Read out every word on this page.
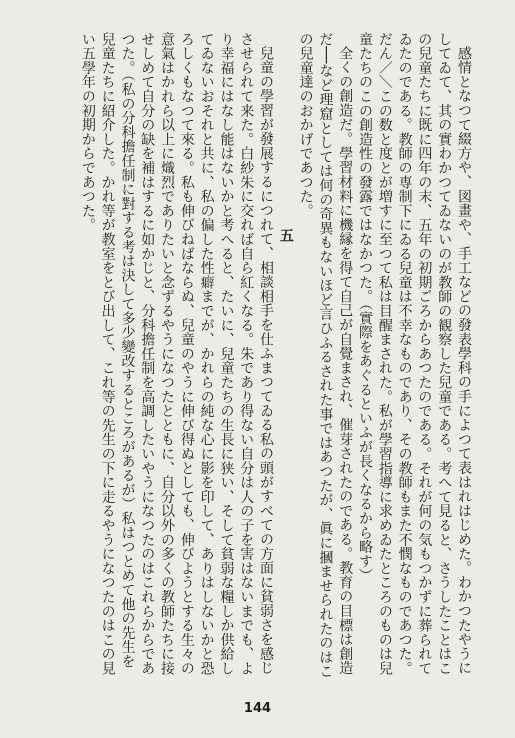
感情となつて綴方や、図畫や、手工などの發表學科の手によつて表はれはじめた。わかつたやうにしてゐて、其の實わかつてゐないのが教師の観察した兒童である。考へて見ると、さうしたことはこの兒童たちに既に四年の末、五年の初期ごろからあつたのである。それが何の気もつかずに葬られてゐたのである。教師の専制下にゐる兒童は不幸なものであり、その教師もまた不憫なものであつた。だん／＼この数と度とが増すに至つて私は目醒まされた。私が學習指導に求めゐたところのものは兒童たちのこの創造性の發露ではなかつた。（實際をあぐるといふが長くなるから略す）

全くの創造だ。學習材料に機縁を得て自己が自覺まされ、催芽されたのである。教育の目標は創造だ──など理窟としては何の奇異もないほど言ひふるされた事ではあつたが、眞に摑ませられたのはこの兒童達のおかげであつた。

五

兒童の學習が發展するにつれて、相談相手を仕ふまつてゐる私の頭がすべての方面に貧弱さを感じさせられて来た。白紗朱に交れば自ら紅くなる。朱であり得ない自分は人の子を害はないまでも、より幸福にはなし能はないかと考へると、たいに、兒童たちの生長に狭い、そして貧弱な糧しか供給してゐないおそれと共に、私の偏した性癖までが、かれらの純な心に影を印して、ありはしないかと恐ろしくもなつて來る。私も伸びねばならぬ、兒童のやうに伸び得ぬとしても、伸びようとする生々の意氣はかれら以上に熾烈でありたいと念ずるやうになつたとともに、自分以外の多くの教師たちに接せしめて自分の缺を補はするに如かじと、分科擔任制を高調したいやうになつたのはこれらからであつた。（私の分科擔任制に對する考は決して多少變改するところがあるが）私はつとめて他の先生を兒童たちに紹介した。かれ等が教室をとび出して、これ等の先生の下に走るやうになつたのはこの見い五學年の初期からであつた。

144
